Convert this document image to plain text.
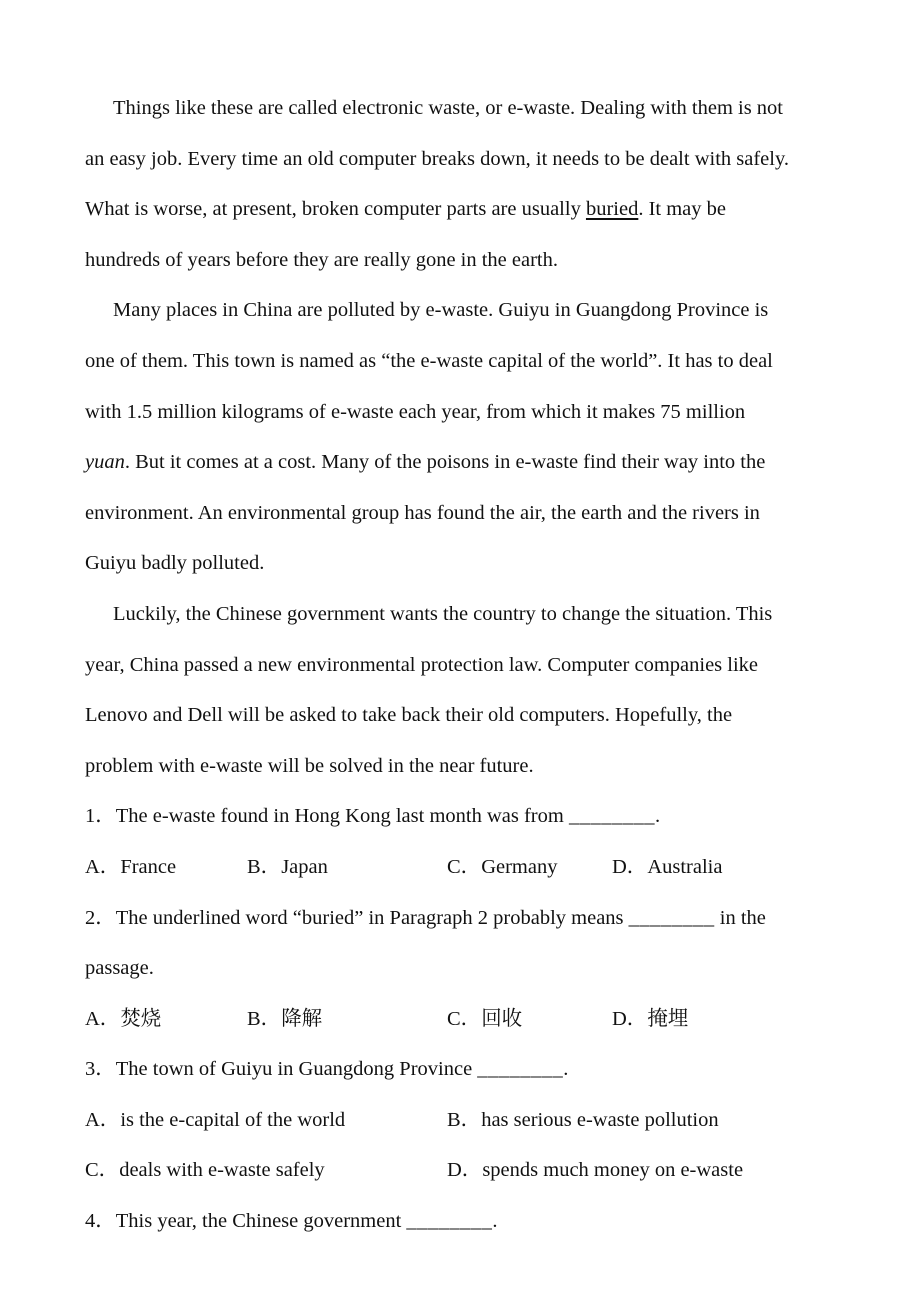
Things like these are called electronic waste, or e-waste. Dealing with them is not

an easy job. Every time an old computer breaks down, it needs to be dealt with safely.

What is worse, at present, broken computer parts are usually buried. It may be

hundreds of years before they are really gone in the earth.

Many places in China are polluted by e-waste. Guiyu in Guangdong Province is

one of them. This town is named as “the e-waste capital of the world”. It has to deal

with 1.5 million kilograms of e-waste each year, from which it makes 75 million

yuan. But it comes at a cost. Many of the poisons in e-waste find their way into the

environment. An environmental group has found the air, the earth and the rivers in

Guiyu badly polluted.

Luckily, the Chinese government wants the country to change the situation. This

year, China passed a new environmental protection law. Computer companies like

Lenovo and Dell will be asked to take back their old computers. Hopefully, the

problem with e-waste will be solved in the near future.

1．The e-waste found in Hong Kong last month was from ________.

A．France	B．Japan	C．Germany	D．Australia

2．The underlined word “buried” in Paragraph 2 probably means ________ in the

passage.

A．焚烧	B．降解	C．回收	D．掩埋

3．The town of Guiyu in Guangdong Province ________.

A．is the e-capital of the world	B．has serious e-waste pollution
C．deals with e-waste safely	D．spends much money on e-waste

4．This year, the Chinese government ________.
